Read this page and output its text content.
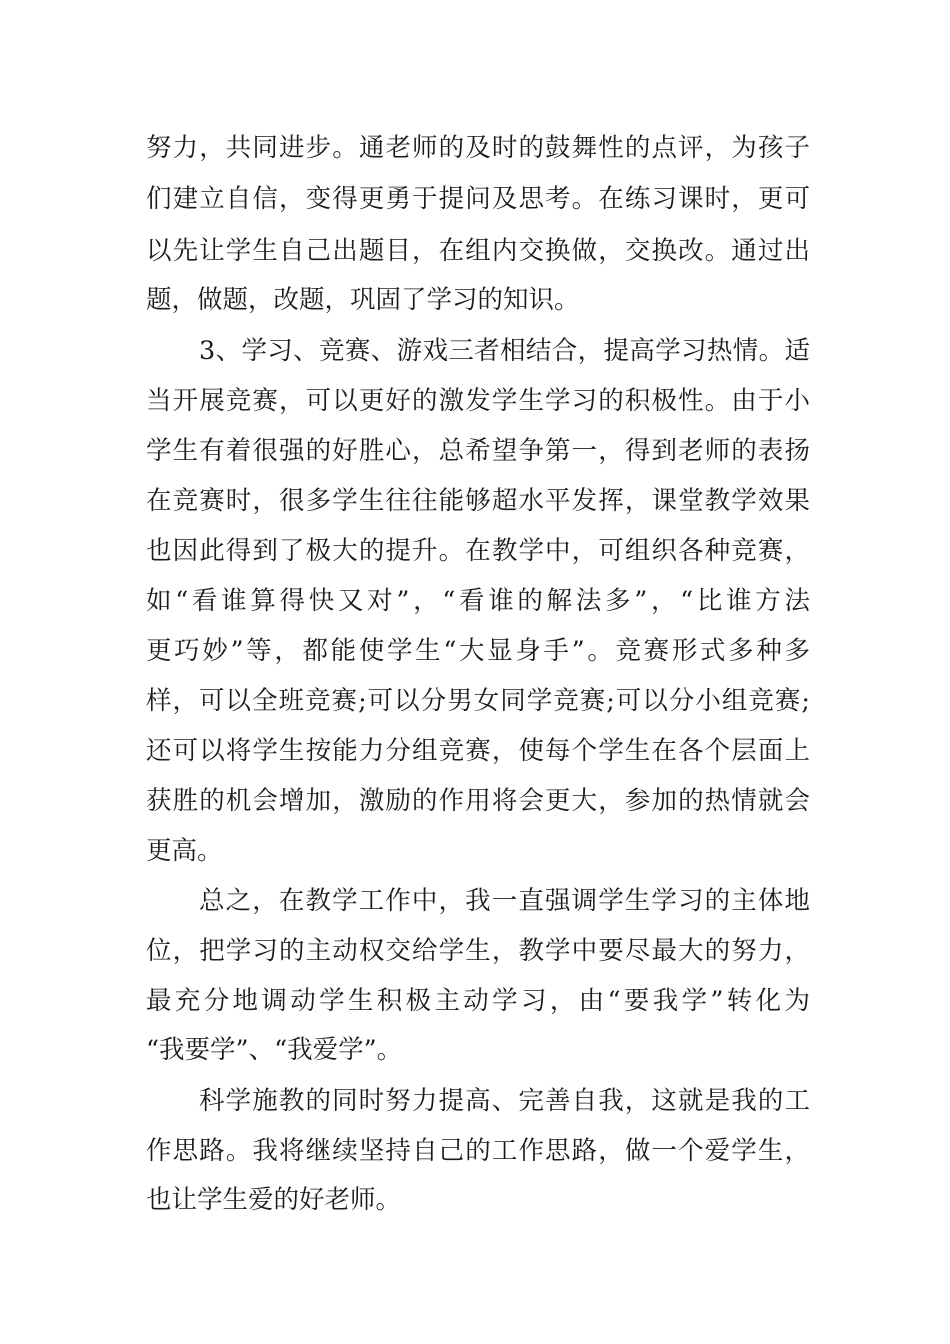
努力，共同进步。通老师的及时的鼓舞性的点评，为孩子

们建立自信，变得更勇于提问及思考。在练习课时，更可

以先让学生自己出题目，在组内交换做，交换改。通过出

题，做题，改题，巩固了学习的知识。

3、学习、竞赛、游戏三者相结合，提高学习热情。适

当开展竞赛，可以更好的激发学生学习的积极性。由于小

学生有着很强的好胜心，总希望争第一，得到老师的表扬

在竞赛时，很多学生往往能够超水平发挥，课堂教学效果

也因此得到了极大的提升。在教学中，可组织各种竞赛，

如“看谁算得快又对”，“看谁的解法多”，“比谁方法

更巧妙”等，都能使学生“大显身手”。竞赛形式多种多

样，可以全班竞赛;可以分男女同学竞赛;可以分小组竞赛;

还可以将学生按能力分组竞赛，使每个学生在各个层面上

获胜的机会增加，激励的作用将会更大，参加的热情就会

更高。

总之，在教学工作中，我一直强调学生学习的主体地

位，把学习的主动权交给学生，教学中要尽最大的努力，

最充分地调动学生积极主动学习，由“要我学”转化为

“我要学”、“我爱学”。

科学施教的同时努力提高、完善自我，这就是我的工

作思路。我将继续坚持自己的工作思路，做一个爱学生，

也让学生爱的好老师。
